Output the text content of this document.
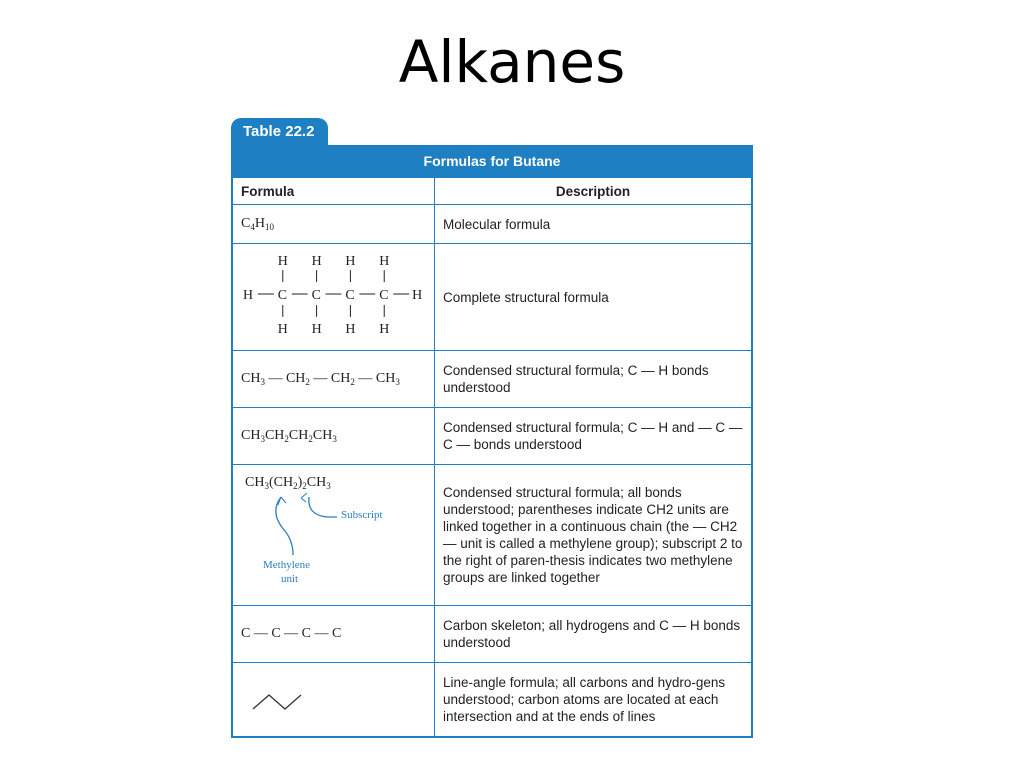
Alkanes
Table 22.2
Formulas for Butane
Formula	Description
$C_4H_{10}$	Molecular formula
H H H H
H C C C C H
H H H H
Complete structural formula
$CH_3$ — $CH_2$ — $CH_2$ — $CH_3$
Condensed structural formula; C — H bonds understood
$CH_3CH_2CH_2CH_3$
Condensed structural formula; C — H and — C — C — bonds understood
$CH_3(CH_2)_2CH_3$
Subscript
Methylene
unit
Condensed structural formula; all bonds understood; parentheses indicate CH2 units are linked together in a continuous chain (the — CH2 — unit is called a methylene group); subscript 2 to the right of paren-thesis indicates two methylene groups are linked together
C — C — C — C
Carbon skeleton; all hydrogens and C — H bonds understood
Line-angle formula; all carbons and hydro-gens understood; carbon atoms are located at each intersection and at the ends of lines
